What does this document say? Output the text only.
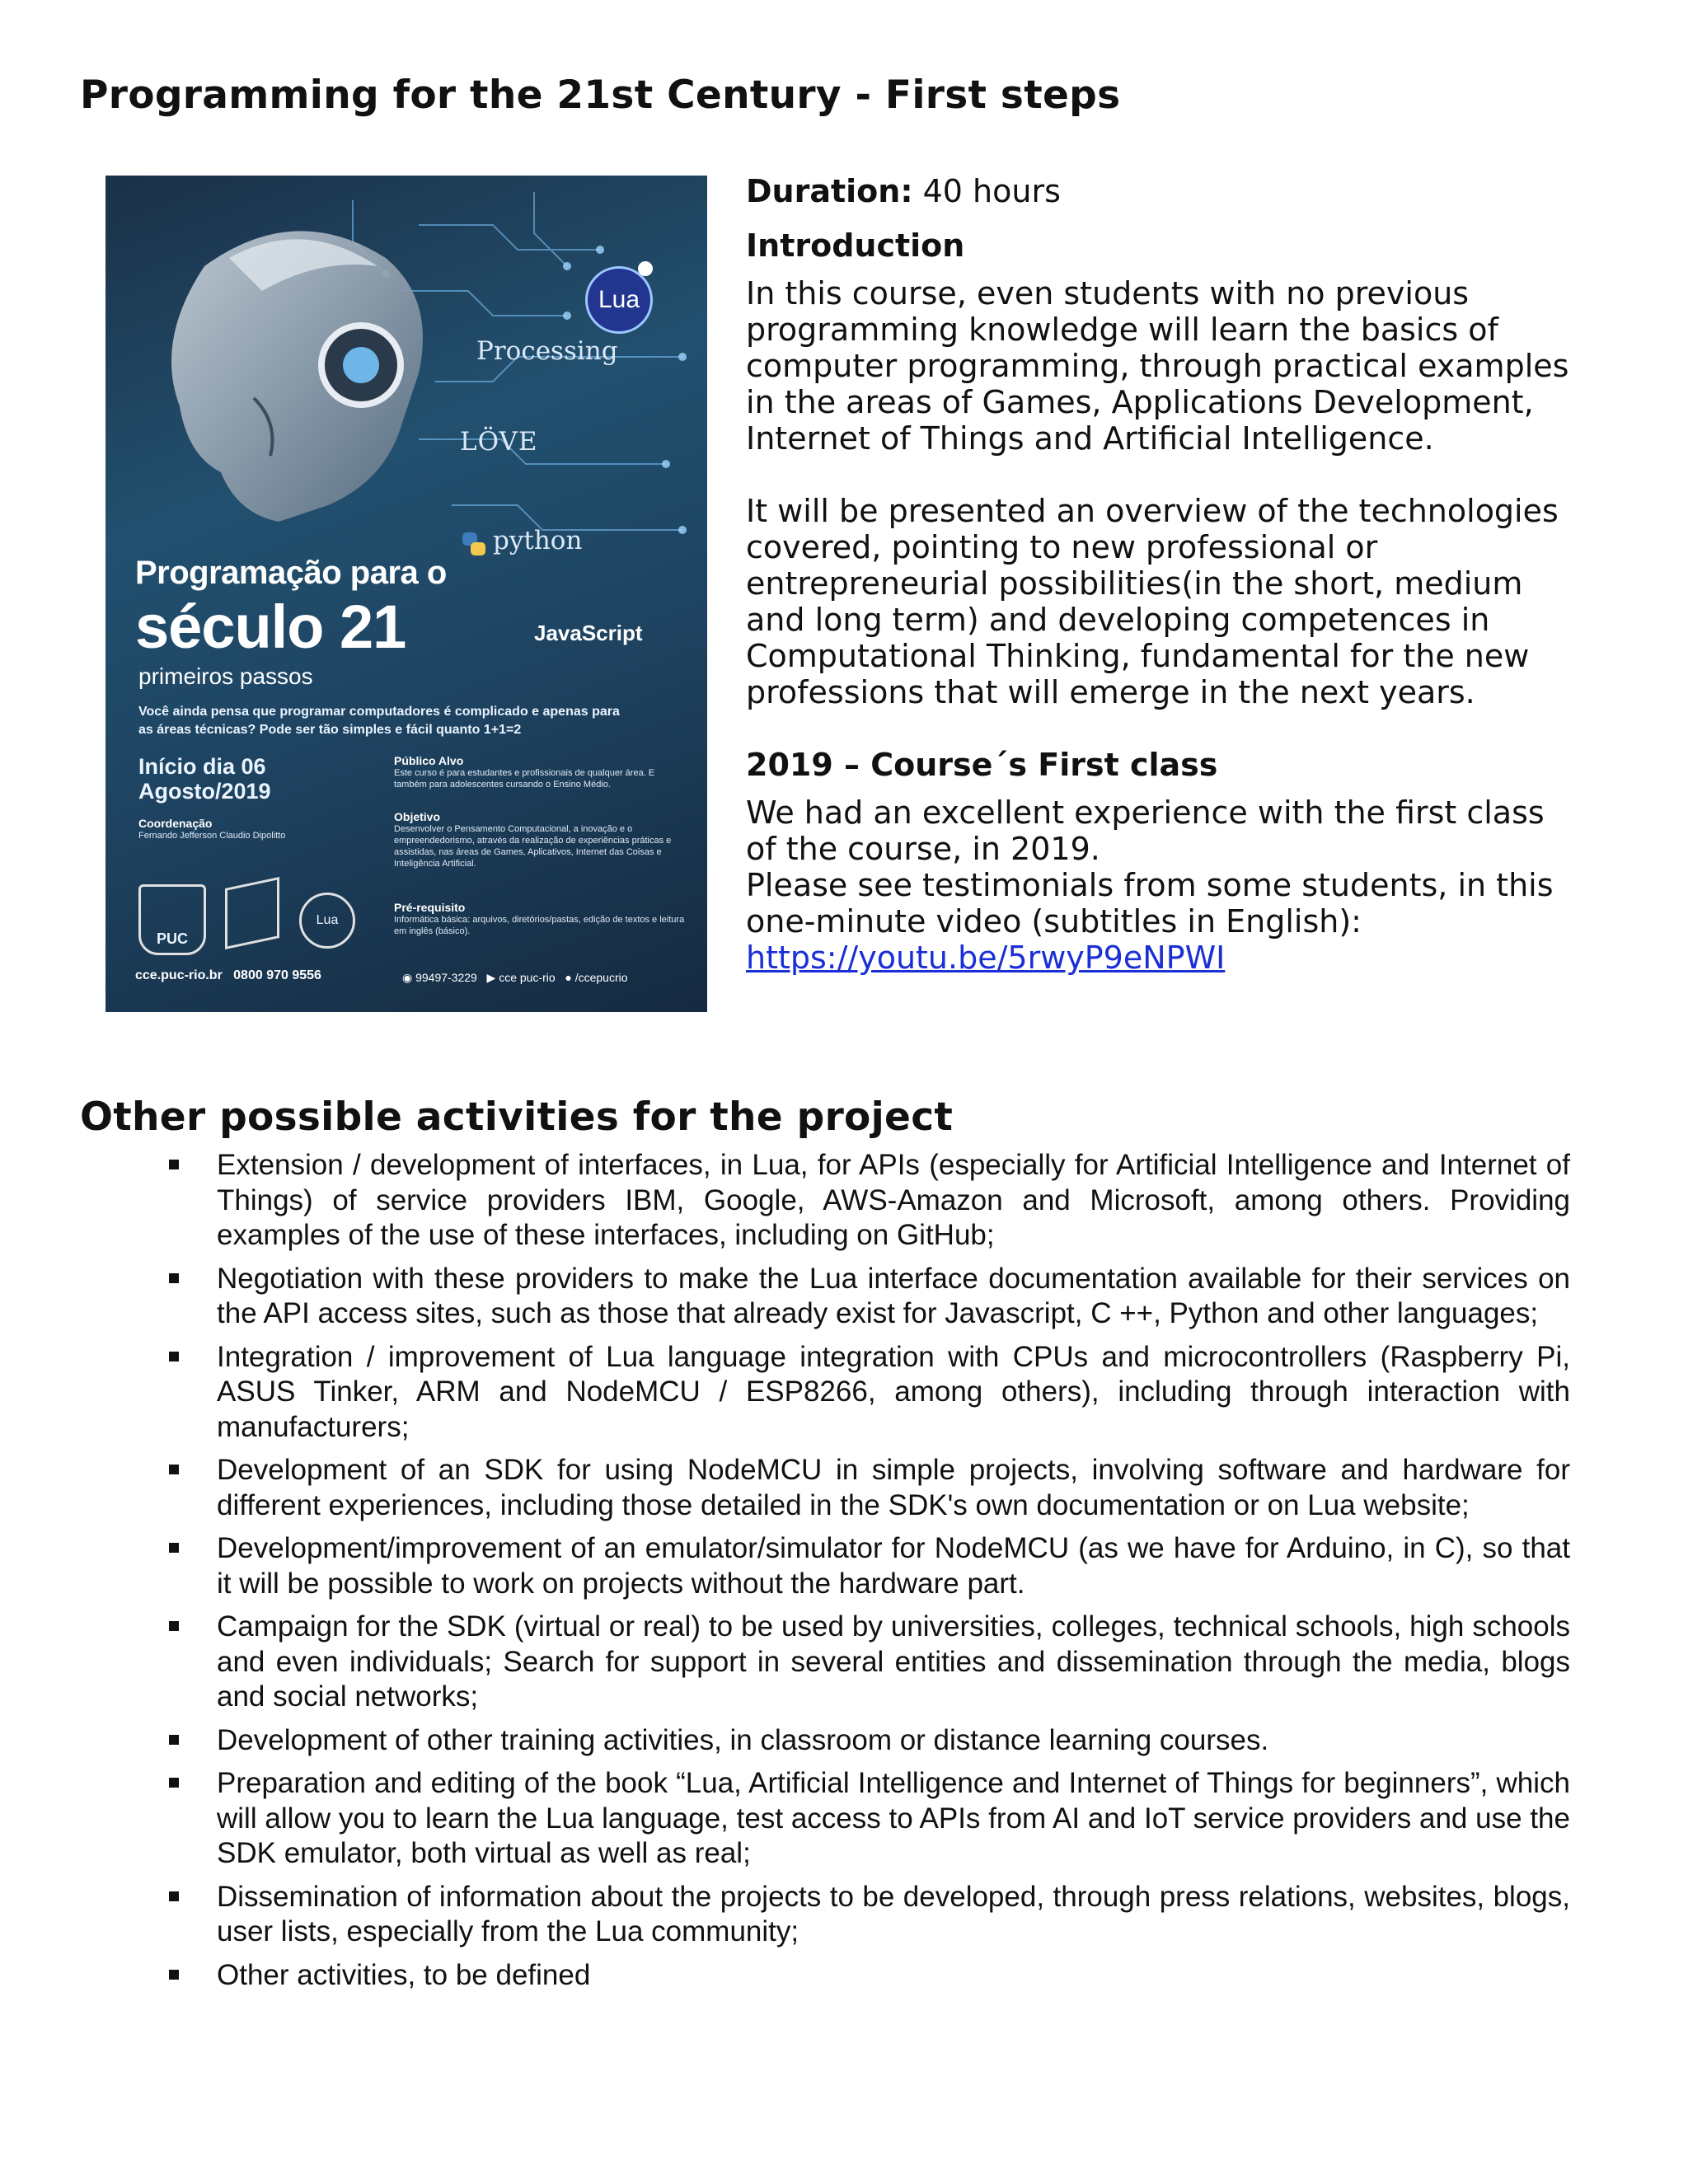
Programming for the 21st Century - First steps
Lua
Processing
LÖVE
python
Programação para o
século 21
primeiros passos
JavaScript
Você ainda pensa que programar computadores é complicado e apenas para as áreas técnicas? Pode ser tão simples e fácil quanto 1+1=2
Início dia 06
Agosto/2019
Coordenação
Fernando Jefferson Claudio Dipolitto
Público Alvo
Este curso é para estudantes e profissionais de qualquer área. E também para adolescentes cursando o Ensino Médio.
Objetivo
Desenvolver o Pensamento Computacional, a inovação e o empreendedorismo, através da realização de experiências práticas e assistidas, nas áreas de Games, Aplicativos, Internet das Coisas e Inteligência Artificial.
Pré-requisito
Informática básica: arquivos, diretórios/pastas, edição de textos e leitura em inglês (básico).
PUC
Lua
cce.puc-rio.br 0800 970 9556	◉ 99497-3229 ▶ cce puc-rio ● /ccepucrio

Duration: 40 hours

Introduction

In this course, even students with no previous programming knowledge will learn the basics of computer programming, through practical examples in the areas of Games, Applications Development, Internet of Things and Artificial Intelligence.

It will be presented an overview of the technologies covered, pointing to new professional or entrepreneurial possibilities(in the short, medium and long term) and developing competences in Computational Thinking, fundamental for the new professions that will emerge in the next years.

2019 – Course´s First class

We had an excellent experience with the first class of the course, in 2019.

Please see testimonials from some students, in this one-minute video (subtitles in English):

https://youtu.be/5rwyP9eNPWI

Other possible activities for the project
Extension / development of interfaces, in Lua, for APIs (especially for Artificial Intelligence and Internet of Things) of service providers IBM, Google, AWS-Amazon and Microsoft, among others. Providing examples of the use of these interfaces, including on GitHub;
Negotiation with these providers to make the Lua interface documentation available for their services on the API access sites, such as those that already exist for Javascript, C ++, Python and other languages;
Integration / improvement of Lua language integration with CPUs and microcontrollers (Raspberry Pi, ASUS Tinker, ARM and NodeMCU / ESP8266, among others), including through interaction with manufacturers;
Development of an SDK for using NodeMCU in simple projects, involving software and hardware for different experiences, including those detailed in the SDK's own documentation or on Lua website;
Development/improvement of an emulator/simulator for NodeMCU (as we have for Arduino, in C), so that it will be possible to work on projects without the hardware part.
Campaign for the SDK (virtual or real) to be used by universities, colleges, technical schools, high schools and even individuals; Search for support in several entities and dissemination through the media, blogs and social networks;
Development of other training activities, in classroom or distance learning courses.
Preparation and editing of the book “Lua, Artificial Intelligence and Internet of Things for beginners”, which will allow you to learn the Lua language, test access to APIs from AI and IoT service providers and use the SDK emulator, both virtual as well as real;
Dissemination of information about the projects to be developed, through press relations, websites, blogs, user lists, especially from the Lua community;
Other activities, to be defined
